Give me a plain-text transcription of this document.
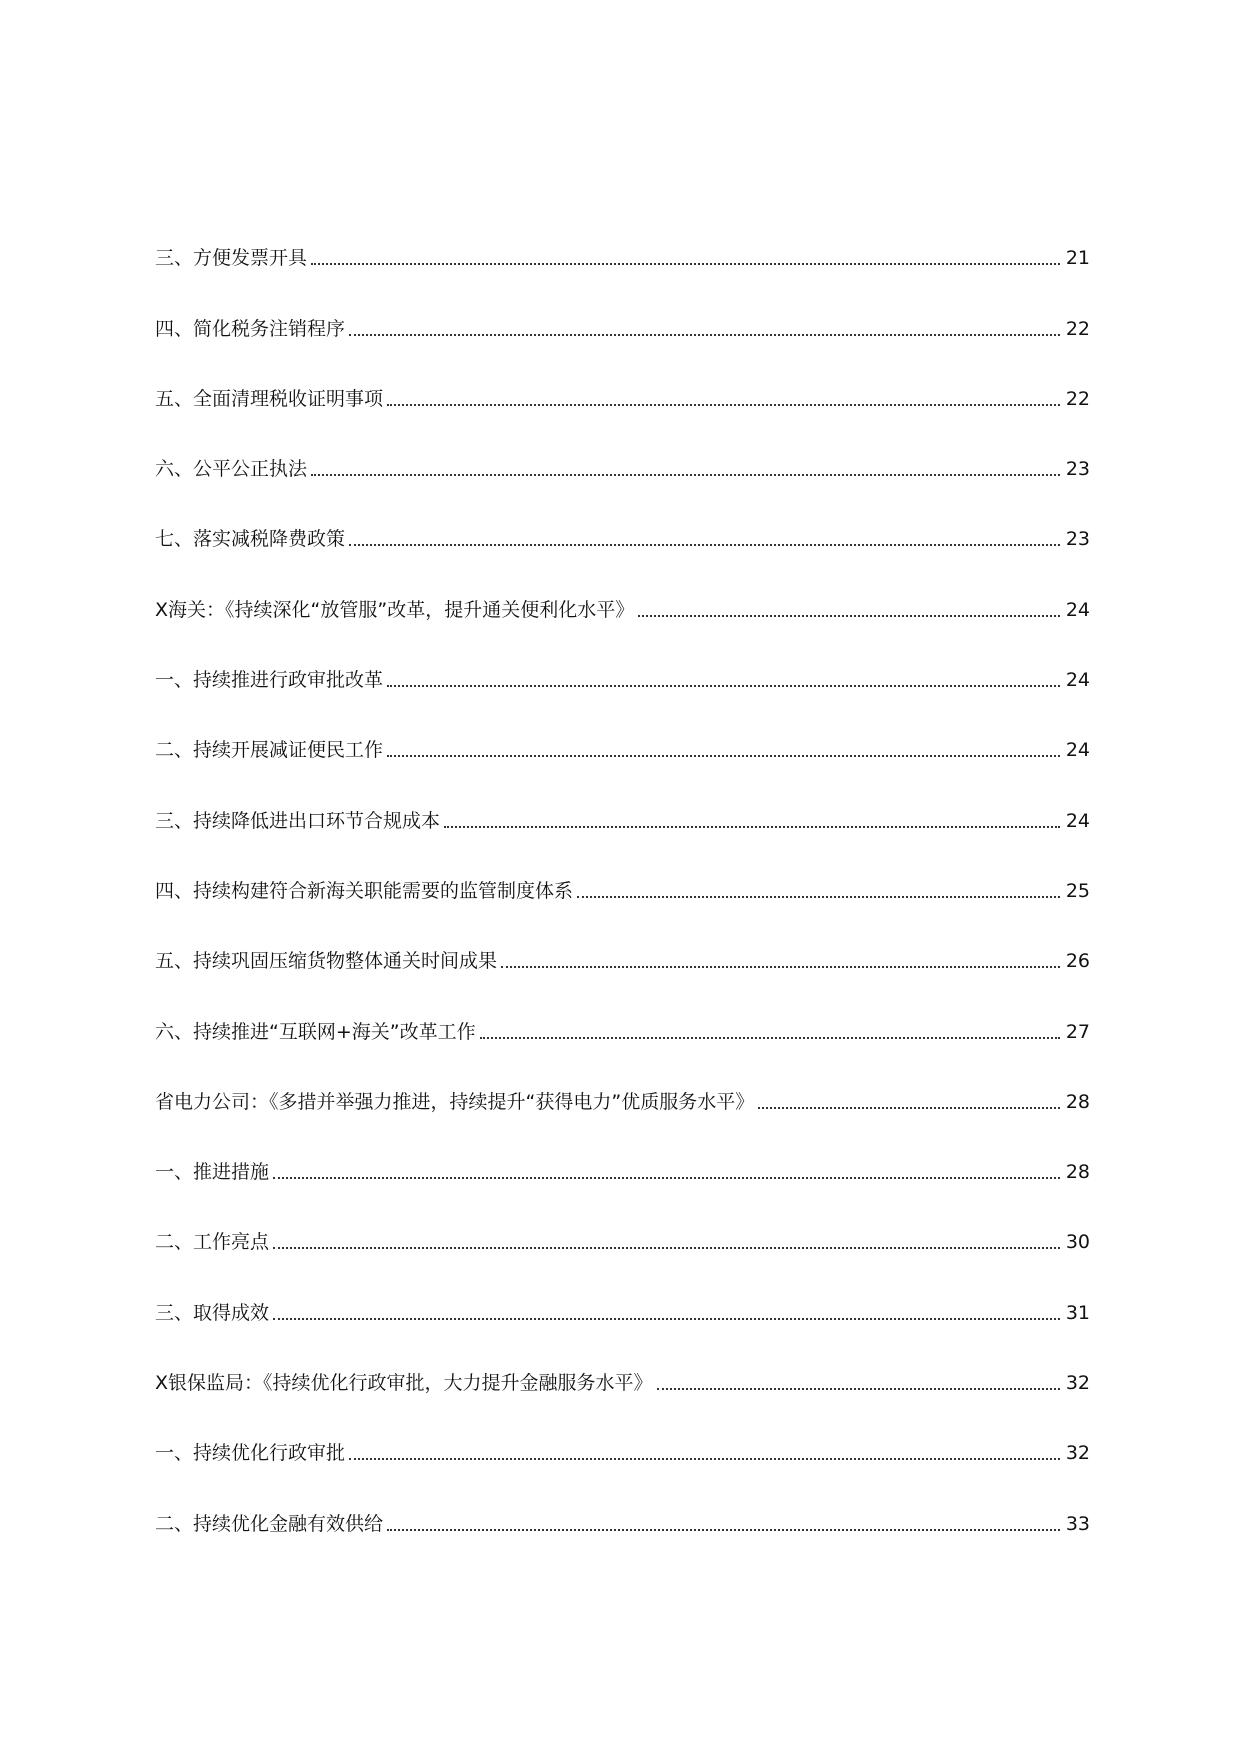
三、方便发票开具	21
四、简化税务注销程序	22
五、全面清理税收证明事项	22
六、公平公正执法	23
七、落实减税降费政策	23
X海关：《持续深化“放管服”改革，提升通关便利化水平》	24
一、持续推进行政审批改革	24
二、持续开展减证便民工作	24
三、持续降低进出口环节合规成本	24
四、持续构建符合新海关职能需要的监管制度体系	25
五、持续巩固压缩货物整体通关时间成果	26
六、持续推进“互联网+海关”改革工作	27
省电力公司：《多措并举强力推进，持续提升“获得电力”优质服务水平》	28
一、推进措施	28
二、工作亮点	30
三、取得成效	31
X银保监局：《持续优化行政审批，大力提升金融服务水平》	32
一、持续优化行政审批	32
二、持续优化金融有效供给	33
